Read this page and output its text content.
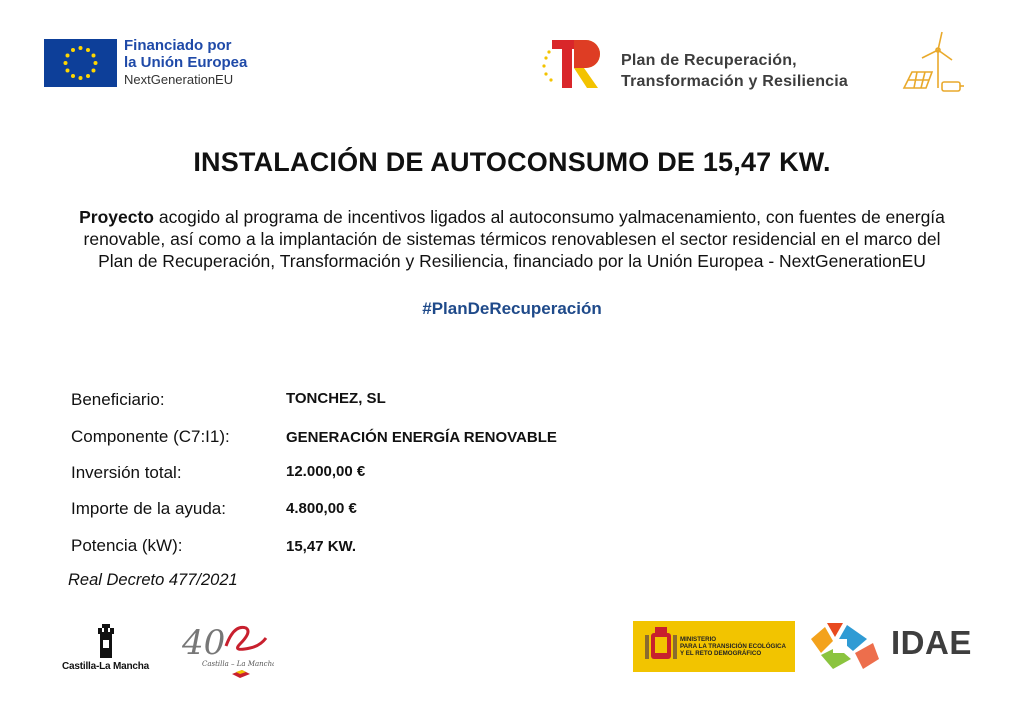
Financiado por
la Unión Europea
NextGenerationEU
Plan de Recuperación,
Transformación y Resiliencia
INSTALACIÓN DE AUTOCONSUMO DE 15,47 KW.
Proyecto acogido al programa de incentivos ligados al autoconsumo yalmacenamiento, con fuentes de energía
renovable, así como a la implantación de sistemas térmicos renovablesen el sector residencial en el marco del
Plan de Recuperación, Transformación y Resiliencia, financiado por la Unión Europea - NextGenerationEU
#PlanDeRecuperación
Beneficiario:	TONCHEZ, SL
Componente (C7:I1):	GENERACIÓN ENERGÍA RENOVABLE
Inversión total:	12.000,00 €
Importe de la ayuda:	4.800,00 €
Potencia (kW):	15,47 KW.
Real Decreto 477/2021
Castilla-La Mancha
40
Castilla – La Mancha
MINISTERIO
PARA LA TRANSICIÓN ECOLÓGICA
Y EL RETO DEMOGRÁFICO	IDAE
